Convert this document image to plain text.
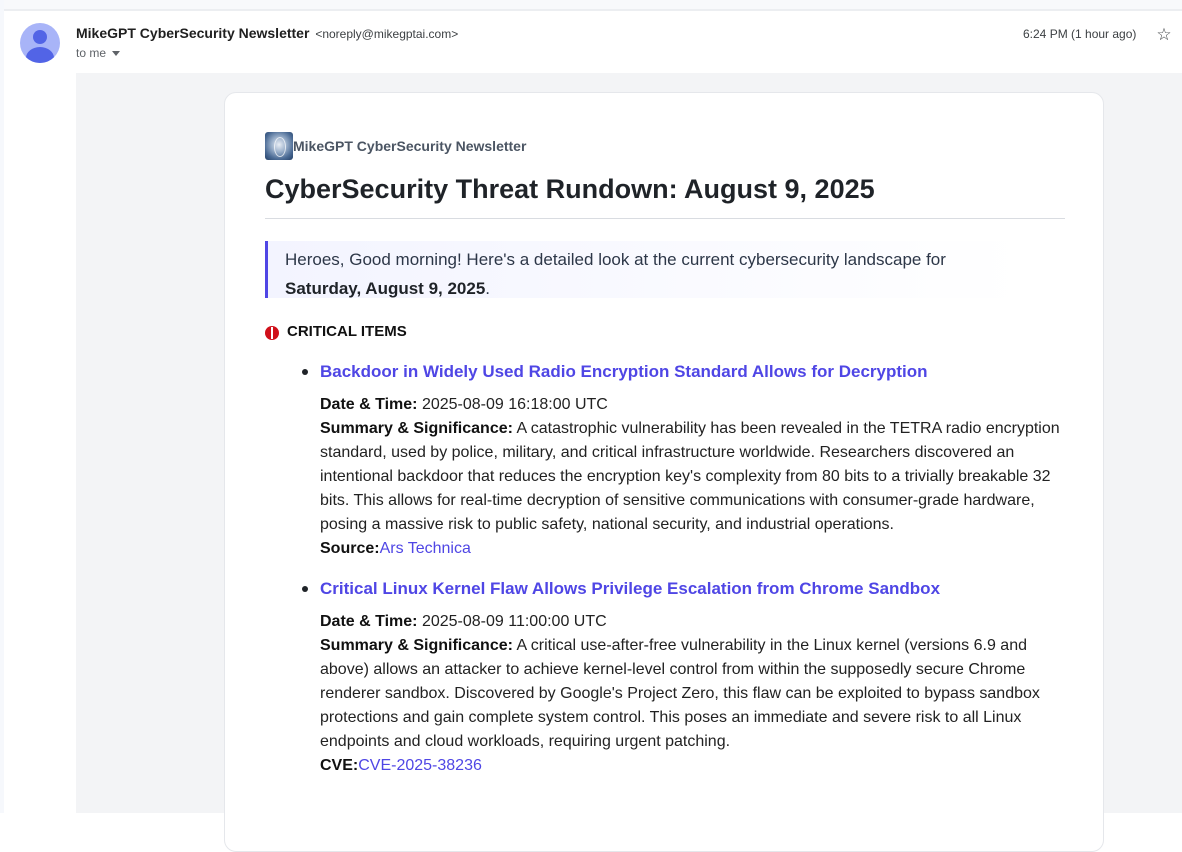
MikeGPT CyberSecurity Newsletter <noreply@mikegptai.com>
to me
6:24 PM (1 hour ago) ☆
MikeGPT CyberSecurity Newsletter
CyberSecurity Threat Rundown: August 9, 2025
Heroes, Good morning! Here's a detailed look at the current cybersecurity landscape for Saturday, August 9, 2025.
CRITICAL ITEMS
Backdoor in Widely Used Radio Encryption Standard Allows for Decryption
Date & Time: 2025-08-09 16:18:00 UTC
Summary & Significance: A catastrophic vulnerability has been revealed in the TETRA radio encryption standard, used by police, military, and critical infrastructure worldwide. Researchers discovered an intentional backdoor that reduces the encryption key's complexity from 80 bits to a trivially breakable 32 bits. This allows for real-time decryption of sensitive communications with consumer-grade hardware, posing a massive risk to public safety, national security, and industrial operations.
Source:Ars Technica
Critical Linux Kernel Flaw Allows Privilege Escalation from Chrome Sandbox
Date & Time: 2025-08-09 11:00:00 UTC
Summary & Significance: A critical use-after-free vulnerability in the Linux kernel (versions 6.9 and above) allows an attacker to achieve kernel-level control from within the supposedly secure Chrome renderer sandbox. Discovered by Google's Project Zero, this flaw can be exploited to bypass sandbox protections and gain complete system control. This poses an immediate and severe risk to all Linux endpoints and cloud workloads, requiring urgent patching.
CVE:CVE-2025-38236
